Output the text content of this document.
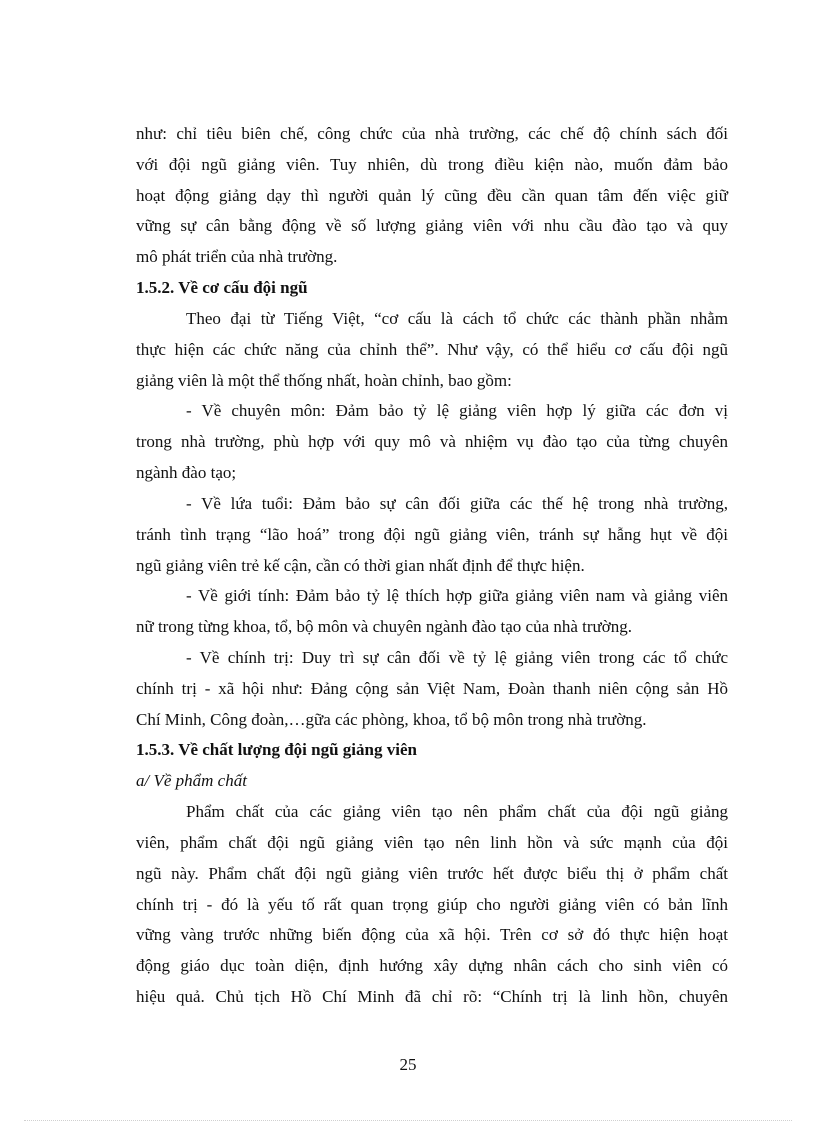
như: chỉ tiêu biên chế, công chức của nhà trường, các chế độ chính sách đối
với đội ngũ giảng viên. Tuy nhiên, dù trong điều kiện nào, muốn đảm bảo
hoạt động giảng dạy thì người quản lý cũng đều cần quan tâm đến việc giữ
vững sự cân bằng động về số lượng giảng viên với nhu cầu đào tạo và quy
mô phát triển của nhà trường.
1.5.2. Về cơ cấu đội ngũ
Theo đại từ Tiếng Việt, “cơ cấu là cách tổ chức các thành phần nhằm
thực hiện các chức năng của chỉnh thể”. Như vậy, có thể hiểu cơ cấu đội ngũ
giảng viên là một thể thống nhất, hoàn chỉnh, bao gồm:
- Về chuyên môn: Đảm bảo tỷ lệ giảng viên hợp lý giữa các đơn vị
trong nhà trường, phù hợp với quy mô và nhiệm vụ đào tạo của từng chuyên
ngành đào tạo;
- Về lứa tuổi: Đảm bảo sự cân đối giữa các thế hệ trong nhà trường,
tránh tình trạng “lão hoá” trong đội ngũ giảng viên, tránh sự hẫng hụt về đội
ngũ giảng viên trẻ kế cận, cần có thời gian nhất định để thực hiện.
- Về giới tính: Đảm bảo tỷ lệ thích hợp giữa giảng viên nam và giảng viên
nữ trong từng khoa, tổ, bộ môn và chuyên ngành đào tạo của nhà trường.
- Về chính trị: Duy trì sự cân đối về tỷ lệ giảng viên trong các tổ chức
chính trị - xã hội như: Đảng cộng sản Việt Nam, Đoàn thanh niên cộng sản Hồ
Chí Minh, Công đoàn,…gữa các phòng, khoa, tổ bộ môn trong nhà trường.
1.5.3. Về chất lượng đội ngũ giảng viên
a/ Về phẩm chất
Phẩm chất của các giảng viên tạo nên phẩm chất của đội ngũ giảng
viên, phẩm chất đội ngũ giảng viên tạo nên linh hồn và sức mạnh của đội
ngũ này. Phẩm chất đội ngũ giảng viên trước hết được biểu thị ở phẩm chất
chính trị - đó là yếu tố rất quan trọng giúp cho người giảng viên có bản lĩnh
vững vàng trước những biến động của xã hội. Trên cơ sở đó thực hiện hoạt
động giáo dục toàn diện, định hướng xây dựng nhân cách cho sinh viên có
hiệu quả. Chủ tịch Hồ Chí Minh đã chỉ rõ: “Chính trị là linh hồn, chuyên
25
